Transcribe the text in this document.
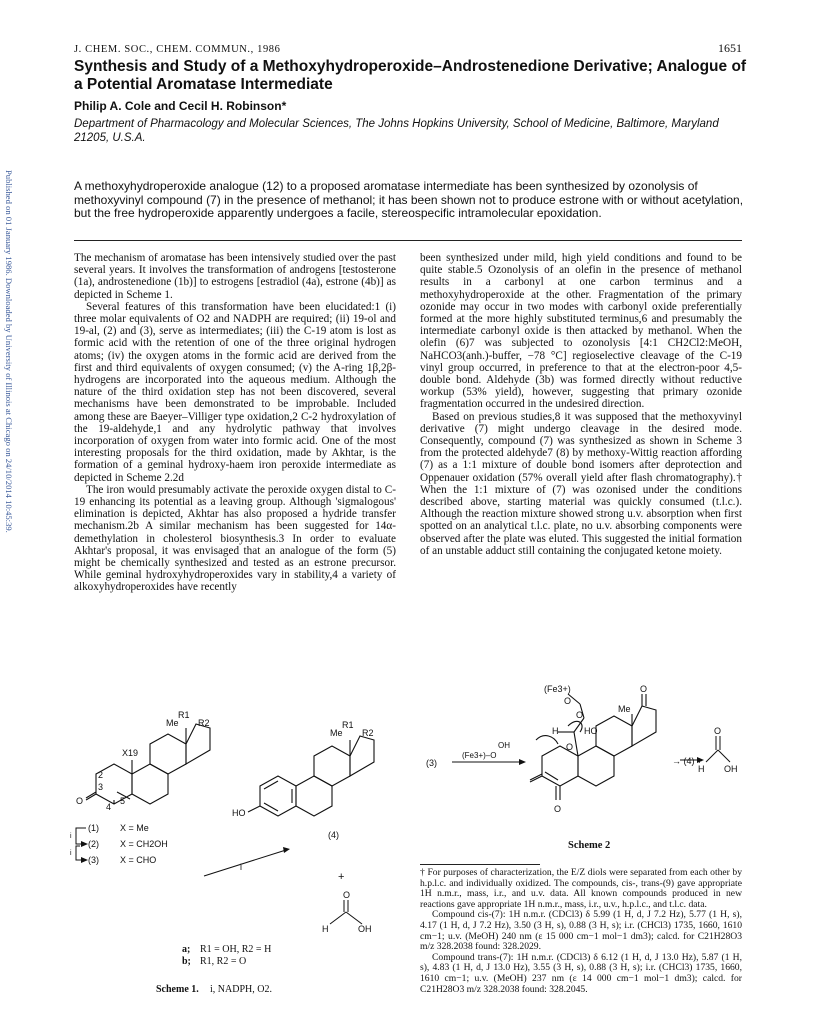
Published on 01 January 1986. Downloaded by University of Illinois at Chicago on 24/10/2014 10:45:39.
J. CHEM. SOC., CHEM. COMMUN., 1986	1651
Synthesis and Study of a Methoxyhydroperoxide–Androstenedione Derivative; Analogue of a Potential Aromatase Intermediate
Philip A. Cole and Cecil H. Robinson*
Department of Pharmacology and Molecular Sciences, The Johns Hopkins University, School of Medicine, Baltimore, Maryland 21205, U.S.A.
A methoxyhydroperoxide analogue (12) to a proposed aromatase intermediate has been synthesized by ozonolysis of methoxyvinyl compound (7) in the presence of methanol; it has been shown not to produce estrone with or without acetylation, but the free hydroperoxide apparently undergoes a facile, stereospecific intramolecular epoxidation.

The mechanism of aromatase has been intensively studied over the past several years. It involves the transformation of androgens [testosterone (1a), androstenedione (1b)] to estrogens [estradiol (4a), estrone (4b)] as depicted in Scheme 1.

Several features of this transformation have been elucidated:1 (i) three molar equivalents of O2 and NADPH are required; (ii) 19-ol and 19-al, (2) and (3), serve as intermediates; (iii) the C-19 atom is lost as formic acid with the retention of one of the three original hydrogen atoms; (iv) the oxygen atoms in the formic acid are derived from the first and third equivalents of oxygen consumed; (v) the A-ring 1β,2β-hydrogens are incorporated into the aqueous medium. Although the nature of the third oxidation step has not been discovered, several mechanisms have been demonstrated to be improbable. Included among these are Baeyer–Villiger type oxidation,2 C-2 hydroxylation of the 19-aldehyde,1 and any hydrolytic pathway that involves incorporation of oxygen from water into formic acid. One of the most interesting proposals for the third oxidation, made by Akhtar, is the formation of a geminal hydroxy-haem iron peroxide intermediate as depicted in Scheme 2.2d

The iron would presumably activate the peroxide oxygen distal to C-19 enhancing its potential as a leaving group. Although 'sigmalogous' elimination is depicted, Akhtar has also proposed a hydride transfer mechanism.2b A similar mechanism has been suggested for 14α-demethylation in cholesterol biosynthesis.3 In order to evaluate Akhtar's proposal, it was envisaged that an analogue of the form (5) might be chemically synthesized and tested as an estrone precursor. While geminal hydroxyhydroperoxides vary in stability,4 a variety of alkoxyhydroperoxides have recently

been synthesized under mild, high yield conditions and found to be quite stable.5 Ozonolysis of an olefin in the presence of methanol results in a carbonyl at one carbon terminus and a methoxyhydroperoxide at the other. Fragmentation of the primary ozonide may occur in two modes with carbonyl oxide preferentially formed at the more highly substituted terminus,6 and presumably the intermediate carbonyl oxide is then attacked by methanol. When the olefin (6)7 was subjected to ozonolysis [4:1 CH2Cl2:MeOH, NaHCO3(anh.)-buffer, −78 °C] regioselective cleavage of the C-19 vinyl group occurred, in preference to that at the electron-poor 4,5-double bond. Aldehyde (3b) was formed directly without reductive workup (53% yield), however, suggesting that primary ozonide fragmentation occurred in the undesired direction.

Based on previous studies,8 it was supposed that the methoxyvinyl derivative (7) might undergo cleavage in the desired mode. Consequently, compound (7) was synthesized as shown in Scheme 3 from the protected aldehyde7 (8) by methoxy-Wittig reaction affording (7) as a 1:1 mixture of double bond isomers after deprotection and Oppenauer oxidation (57% overall yield after flash chromatography).† When the 1:1 mixture of (7) was ozonised under the conditions described above, starting material was quickly consumed (t.l.c.). Although the reaction mixture showed strong u.v. absorption when first spotted on an analytical t.l.c. plate, no u.v. absorbing components were observed after the plate was eluted. This suggested the initial formation of an unstable adduct still containing the conjugated ketone moiety.

R1
Me R2
X19
2
3
4
5
O
R1
Me R2
HO
(4)
+
O
H	OH
i
i
i
(1) X = Me
(2) X = CH2OH
(3) X = CHO
a; R1 = OH, R2 = H
b; R1, R2 = O
Scheme 1. i, NADPH, O2.
(Fe3+)
O
O
HO
H
O
Me
O
O
(3)
(Fe3+)–O
OH
→ (4) +
O
H OH
Scheme 2

† For purposes of characterization, the E/Z diols were separated from each other by h.p.l.c. and individually oxidized. The compounds, cis-, trans-(9) gave appropriate 1H n.m.r., mass, i.r., and u.v. data. All known compounds produced in new reactions gave appropriate 1H n.m.r., mass, i.r., u.v., h.p.l.c., and t.l.c. data.

Compound cis-(7): 1H n.m.r. (CDCl3) δ 5.99 (1 H, d, J 7.2 Hz), 5.77 (1 H, s), 4.17 (1 H, d, J 7.2 Hz), 3.50 (3 H, s), 0.88 (3 H, s); i.r. (CHCl3) 1735, 1660, 1610 cm−1; u.v. (MeOH) 240 nm (ε 15 000 cm−1 mol−1 dm3); calcd. for C21H28O3 m/z 328.2038 found: 328.2029.

Compound trans-(7): 1H n.m.r. (CDCl3) δ 6.12 (1 H, d, J 13.0 Hz), 5.87 (1 H, s), 4.83 (1 H, d, J 13.0 Hz), 3.55 (3 H, s), 0.88 (3 H, s); i.r. (CHCl3) 1735, 1660, 1610 cm−1; u.v. (MeOH) 237 nm (ε 14 000 cm−1 mol−1 dm3); calcd. for C21H28O3 m/z 328.2038 found: 328.2045.
